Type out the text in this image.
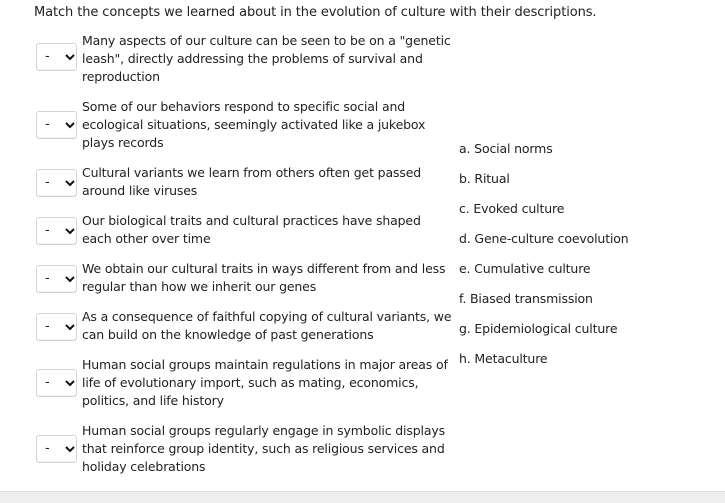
Match the concepts we learned about in the evolution of culture with their descriptions.
-
Many aspects of our culture can be seen to be on a "genetic leash", directly addressing the problems of survival and reproduction
-
Some of our behaviors respond to specific social and ecological situations, seemingly activated like a jukebox plays records
-
Cultural variants we learn from others often get passed around like viruses
-
Our biological traits and cultural practices have shaped each other over time
-
We obtain our cultural traits in ways different from and less regular than how we inherit our genes
-
As a consequence of faithful copying of cultural variants, we can build on the knowledge of past generations
-
Human social groups maintain regulations in major areas of life of evolutionary import, such as mating, economics, politics, and life history
-
Human social groups regularly engage in symbolic displays that reinforce group identity, such as religious services and holiday celebrations
a. Social norms
b. Ritual
c. Evoked culture
d. Gene-culture coevolution
e. Cumulative culture
f. Biased transmission
g. Epidemiological culture
h. Metaculture
